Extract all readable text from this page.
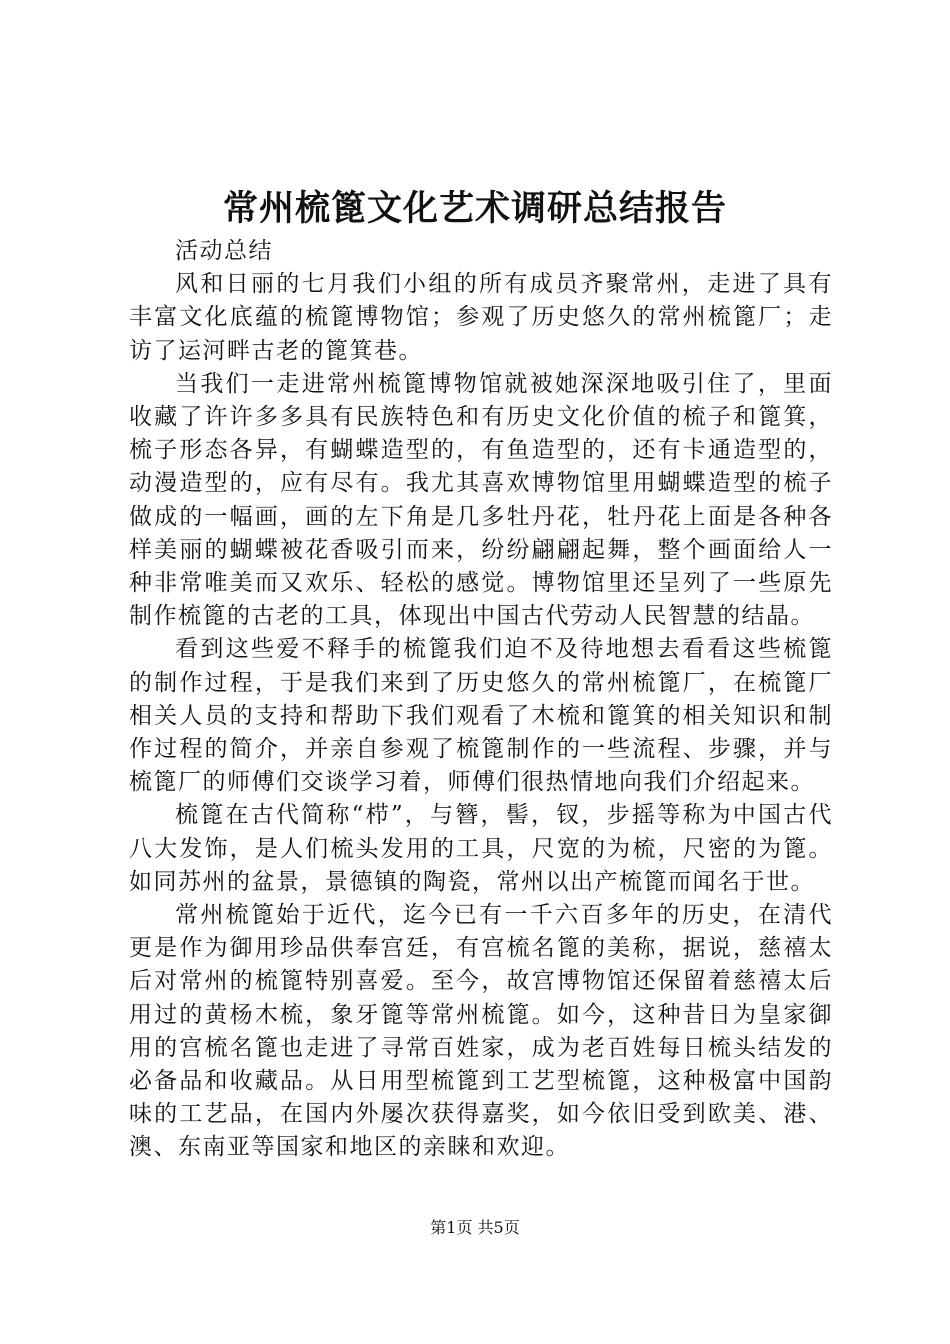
常州梳篦文化艺术调研总结报告

活动总结

风和日丽的七月我们小组的所有成员齐聚常州，走进了具有丰富文化底蕴的梳篦博物馆；参观了历史悠久的常州梳篦厂；走访了运河畔古老的篦箕巷。

当我们一走进常州梳篦博物馆就被她深深地吸引住了，里面收藏了许许多多具有民族特色和有历史文化价值的梳子和篦箕，梳子形态各异，有蝴蝶造型的，有鱼造型的，还有卡通造型的，动漫造型的，应有尽有。我尤其喜欢博物馆里用蝴蝶造型的梳子做成的一幅画，画的左下角是几多牡丹花，牡丹花上面是各种各样美丽的蝴蝶被花香吸引而来，纷纷翩翩起舞，整个画面给人一种非常唯美而又欢乐、轻松的感觉。博物馆里还呈列了一些原先制作梳篦的古老的工具，体现出中国古代劳动人民智慧的结晶。

看到这些爱不释手的梳篦我们迫不及待地想去看看这些梳篦的制作过程，于是我们来到了历史悠久的常州梳篦厂，在梳篦厂相关人员的支持和帮助下我们观看了木梳和篦箕的相关知识和制作过程的简介，并亲自参观了梳篦制作的一些流程、步骤，并与梳篦厂的师傅们交谈学习着，师傅们很热情地向我们介绍起来。

梳篦在古代简称“栉”，与簪，髻，钗，步摇等称为中国古代八大发饰，是人们梳头发用的工具，尺宽的为梳，尺密的为篦。如同苏州的盆景，景德镇的陶瓷，常州以出产梳篦而闻名于世。

常州梳篦始于近代，迄今已有一千六百多年的历史，在清代更是作为御用珍品供奉宫廷，有宫梳名篦的美称，据说，慈禧太后对常州的梳篦特别喜爱。至今，故宫博物馆还保留着慈禧太后用过的黄杨木梳，象牙篦等常州梳篦。如今，这种昔日为皇家御用的宫梳名篦也走进了寻常百姓家，成为老百姓每日梳头结发的必备品和收藏品。从日用型梳篦到工艺型梳篦，这种极富中国韵味的工艺品，在国内外屡次获得嘉奖，如今依旧受到欧美、港、澳、东南亚等国家和地区的亲睐和欢迎。

第1页 共5页
